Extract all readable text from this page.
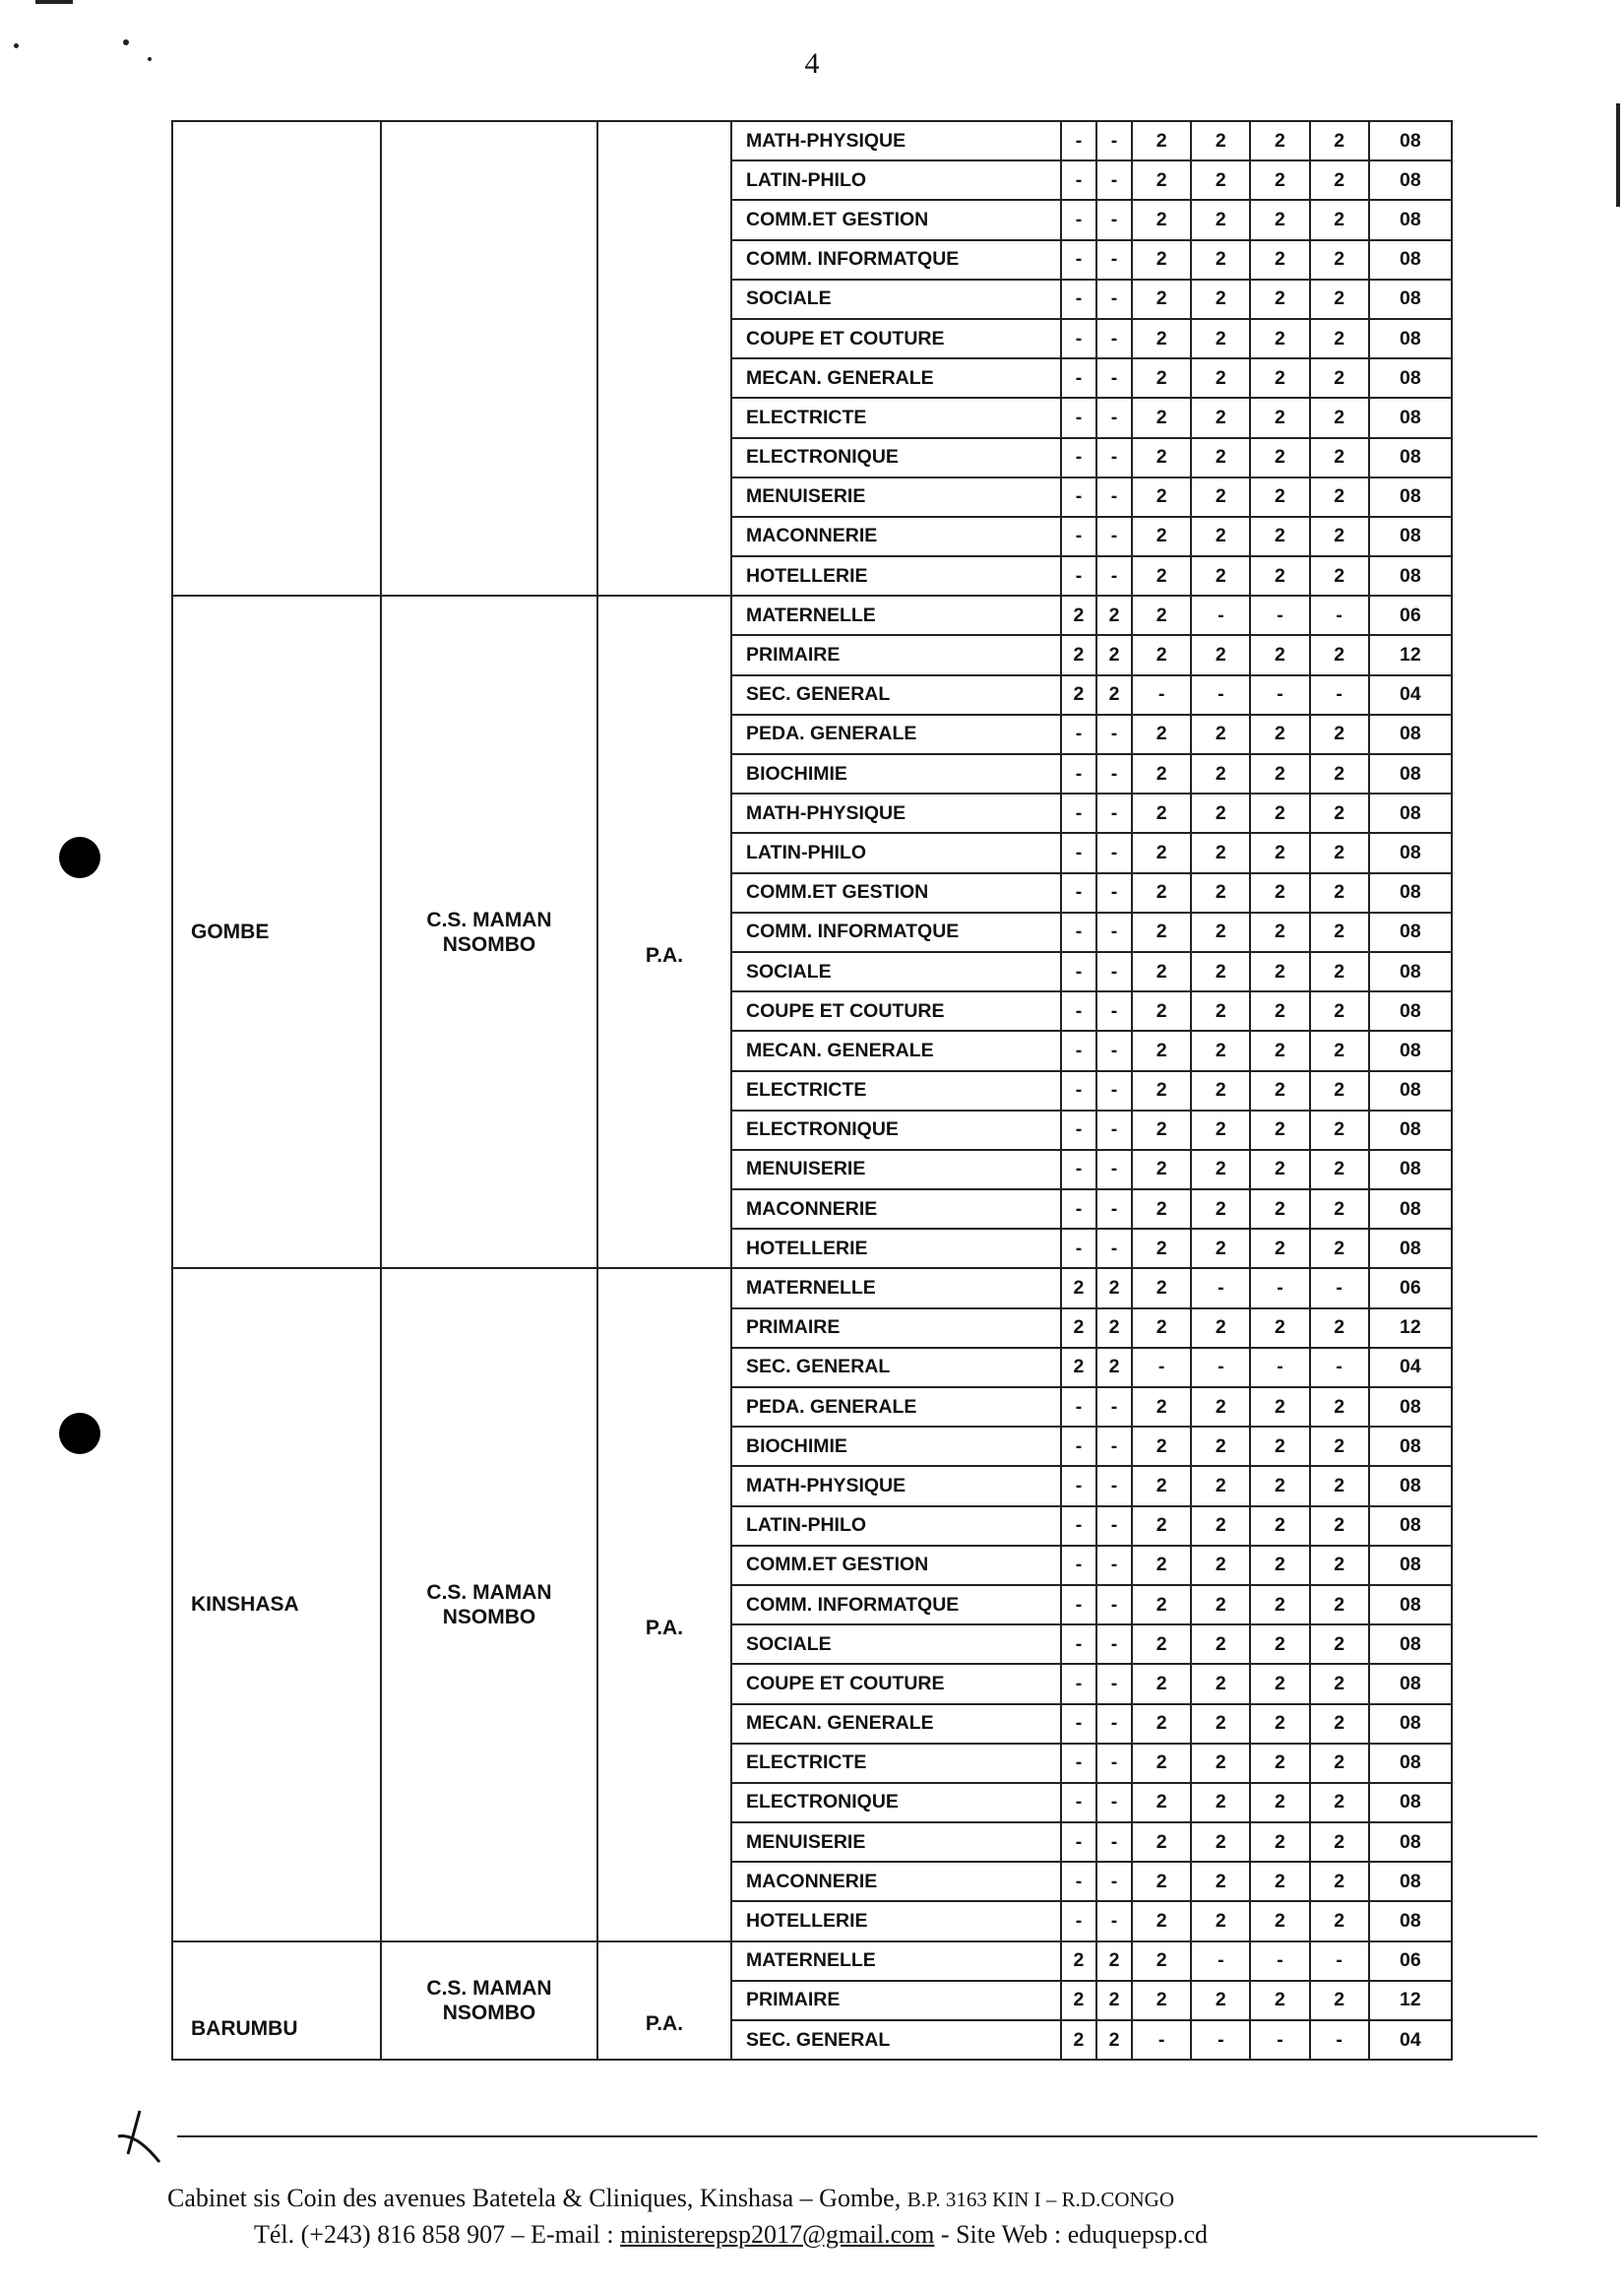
4
MATH-PHYSIQUE	-	-	2	2	2	2	08
LATIN-PHILO	-	-	2	2	2	2	08
COMM.ET GESTION	-	-	2	2	2	2	08
COMM. INFORMATQUE	-	-	2	2	2	2	08
SOCIALE	-	-	2	2	2	2	08
COUPE ET COUTURE	-	-	2	2	2	2	08
MECAN. GENERALE	-	-	2	2	2	2	08
ELECTRICTE	-	-	2	2	2	2	08
ELECTRONIQUE	-	-	2	2	2	2	08
MENUISERIE	-	-	2	2	2	2	08
MACONNERIE	-	-	2	2	2	2	08
HOTELLERIE	-	-	2	2	2	2	08
GOMBE
C.S. MAMAN NSOMBO	P.A.
MATERNELLE	2	2	2	-	-	-	06
PRIMAIRE	2	2	2	2	2	2	12
SEC. GENERAL	2	2	-	-	-	-	04
PEDA. GENERALE	-	-	2	2	2	2	08
BIOCHIMIE	-	-	2	2	2	2	08
MATH-PHYSIQUE	-	-	2	2	2	2	08
LATIN-PHILO	-	-	2	2	2	2	08
COMM.ET GESTION	-	-	2	2	2	2	08
COMM. INFORMATQUE	-	-	2	2	2	2	08
SOCIALE	-	-	2	2	2	2	08
COUPE ET COUTURE	-	-	2	2	2	2	08
MECAN. GENERALE	-	-	2	2	2	2	08
ELECTRICTE	-	-	2	2	2	2	08
ELECTRONIQUE	-	-	2	2	2	2	08
MENUISERIE	-	-	2	2	2	2	08
MACONNERIE	-	-	2	2	2	2	08
HOTELLERIE	-	-	2	2	2	2	08
KINSHASA
C.S. MAMAN NSOMBO	P.A.
MATERNELLE	2	2	2	-	-	-	06
PRIMAIRE	2	2	2	2	2	2	12
SEC. GENERAL	2	2	-	-	-	-	04
PEDA. GENERALE	-	-	2	2	2	2	08
BIOCHIMIE	-	-	2	2	2	2	08
MATH-PHYSIQUE	-	-	2	2	2	2	08
LATIN-PHILO	-	-	2	2	2	2	08
COMM.ET GESTION	-	-	2	2	2	2	08
COMM. INFORMATQUE	-	-	2	2	2	2	08
SOCIALE	-	-	2	2	2	2	08
COUPE ET COUTURE	-	-	2	2	2	2	08
MECAN. GENERALE	-	-	2	2	2	2	08
ELECTRICTE	-	-	2	2	2	2	08
ELECTRONIQUE	-	-	2	2	2	2	08
MENUISERIE	-	-	2	2	2	2	08
MACONNERIE	-	-	2	2	2	2	08
HOTELLERIE	-	-	2	2	2	2	08
BARUMBU
C.S. MAMAN NSOMBO	P.A.
MATERNELLE	2	2	2	-	-	-	06
PRIMAIRE	2	2	2	2	2	2	12
SEC. GENERAL	2	2	-	-	-	-	04
Cabinet sis Coin des avenues Batetela & Cliniques, Kinshasa – Gombe, B.P. 3163 KIN I – R.D.CONGO
Tél. (+243) 816 858 907 – E-mail : ministerepsp2017@gmail.com - Site Web : eduquepsp.cd
